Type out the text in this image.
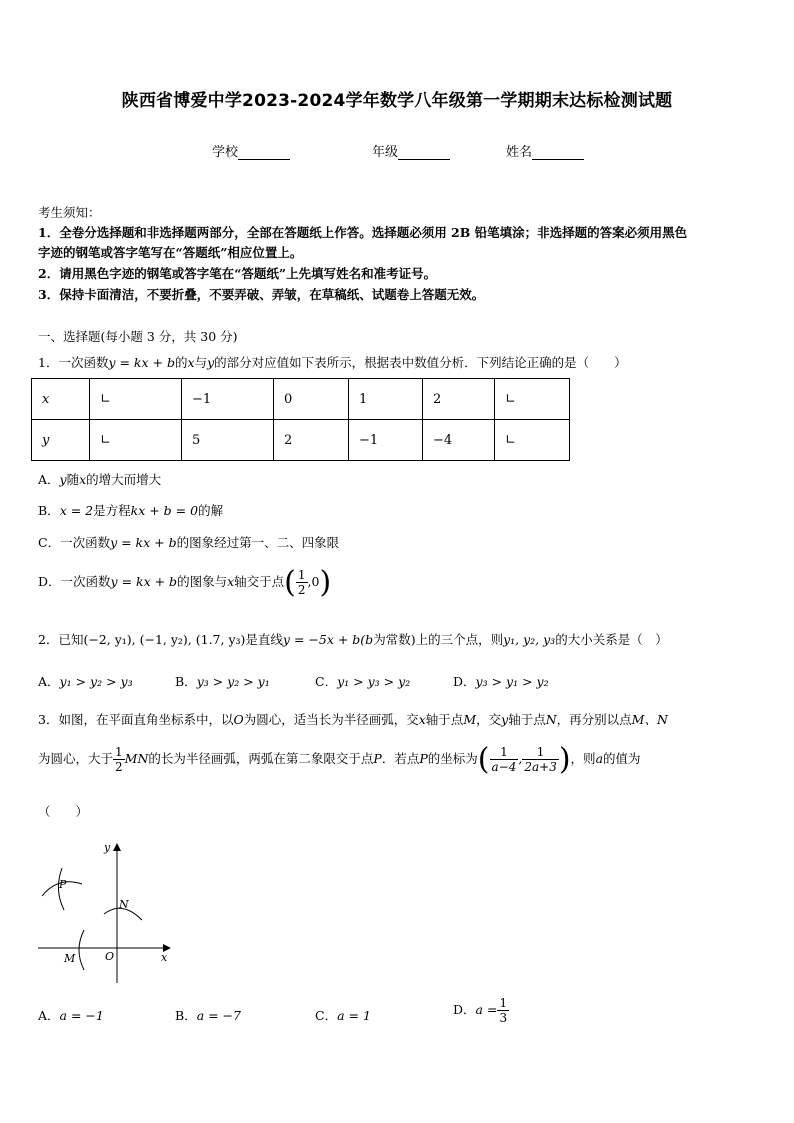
陕西省博爱中学2023-2024学年数学八年级第一学期期末达标检测试题
学校	年级	姓名
考生须知：
1．全卷分选择题和非选择题两部分，全部在答题纸上作答。选择题必须用 2B 铅笔填涂；非选择题的答案必须用黑色
字迹的钢笔或答字笔写在“答题纸”相应位置上。
2．请用黑色字迹的钢笔或答字笔在“答题纸”上先填写姓名和准考证号。
3．保持卡面清洁，不要折叠，不要弄破、弄皱，在草稿纸、试题卷上答题无效。
一、选择题(每小题 3 分，共 30 分)
1．一次函数y = kx + b的x与y的部分对应值如下表所示，根据表中数值分析．下列结论正确的是（　　）
x	∟	−1	0	1	2	∟
y	∟	5	2	−1	−4	∟
A．y随x的增大而增大
B．x = 2是方程kx + b = 0的解
C．一次函数y = kx + b的图象经过第一、二、四象限
D．一次函数y = kx + b的图象与x轴交于点( $\frac{1}{2} ,0$)
2．已知(−2, y₁), (−1, y₂), (1.7, y₃)是直线y = −5x + b(b为常数)上的三个点，则y₁, y₂, y₃的大小关系是（　）
A．y₁ > y₂ > y₃	B．y₃ > y₂ > y₁	C．y₁ > y₃ > y₂	D．y₃ > y₁ > y₂
3．如图，在平面直角坐标系中，以O为圆心，适当长为半径画弧，交x轴于点M，交y轴于点N，再分别以点M、N
为圆心，大于 $\frac{1}{2}$ MN的长为半径画弧，两弧在第二象限交于点P．若点P的坐标为( $\frac{1}{a-4}$ , $\frac{1}{2a+3}$ )，则a的值为
（　　）
y
x
O
M
N
P
A．a = −1	B．a = −7	C．a = 1	D．$a = \frac{1}{3}$
